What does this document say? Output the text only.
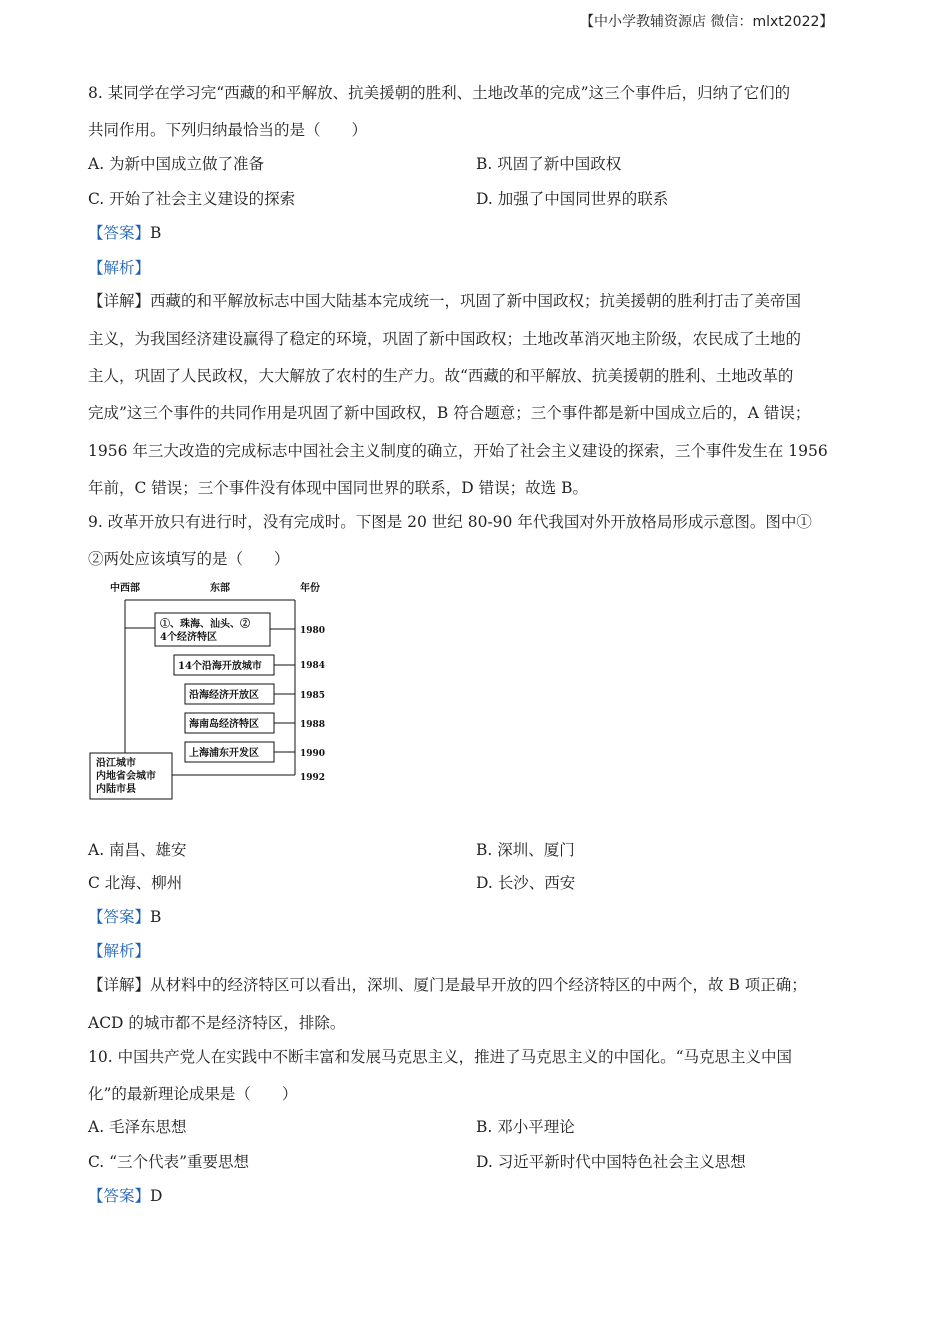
【中小学教辅资源店 微信：mlxt2022】
8. 某同学在学习完“西藏的和平解放、抗美援朝的胜利、土地改革的完成”这三个事件后，归纳了它们的
共同作用。下列归纳最恰当的是（　　）
A. 为新中国成立做了准备	B. 巩固了新中国政权
C. 开始了社会主义建设的探索	D. 加强了中国同世界的联系
【答案】B
【解析】
【详解】西藏的和平解放标志中国大陆基本完成统一，巩固了新中国政权；抗美援朝的胜利打击了美帝国
主义，为我国经济建设赢得了稳定的环境，巩固了新中国政权；土地改革消灭地主阶级，农民成了土地的
主人，巩固了人民政权，大大解放了农村的生产力。故“西藏的和平解放、抗美援朝的胜利、土地改革的
完成”这三个事件的共同作用是巩固了新中国政权，B 符合题意；三个事件都是新中国成立后的，A 错误；
1956 年三大改造的完成标志中国社会主义制度的确立，开始了社会主义建设的探索，三个事件发生在 1956
年前，C 错误；三个事件没有体现中国同世界的联系，D 错误；故选 B。
9. 改革开放只有进行时，没有完成时。下图是 20 世纪 80-90 年代我国对外开放格局形成示意图。图中①
②两处应该填写的是（　　）
中西部	东部	年份
①、珠海、汕头、②
4个经济特区
1980
14个沿海开放城市	1984
沿海经济开放区	1985
海南岛经济特区	1988
上海浦东开发区	1990
沿江城市
内地省会城市
内陆市县
1992
A. 南昌、雄安	B. 深圳、厦门
C 北海、柳州	D. 长沙、西安
【答案】B
【解析】
【详解】从材料中的经济特区可以看出，深圳、厦门是最早开放的四个经济特区的中两个，故 B 项正确；
ACD 的城市都不是经济特区，排除。
10. 中国共产党人在实践中不断丰富和发展马克思主义，推进了马克思主义的中国化。“马克思主义中国
化”的最新理论成果是（　　）
A. 毛泽东思想	B. 邓小平理论
C. “三个代表”重要思想	D. 习近平新时代中国特色社会主义思想
【答案】D
